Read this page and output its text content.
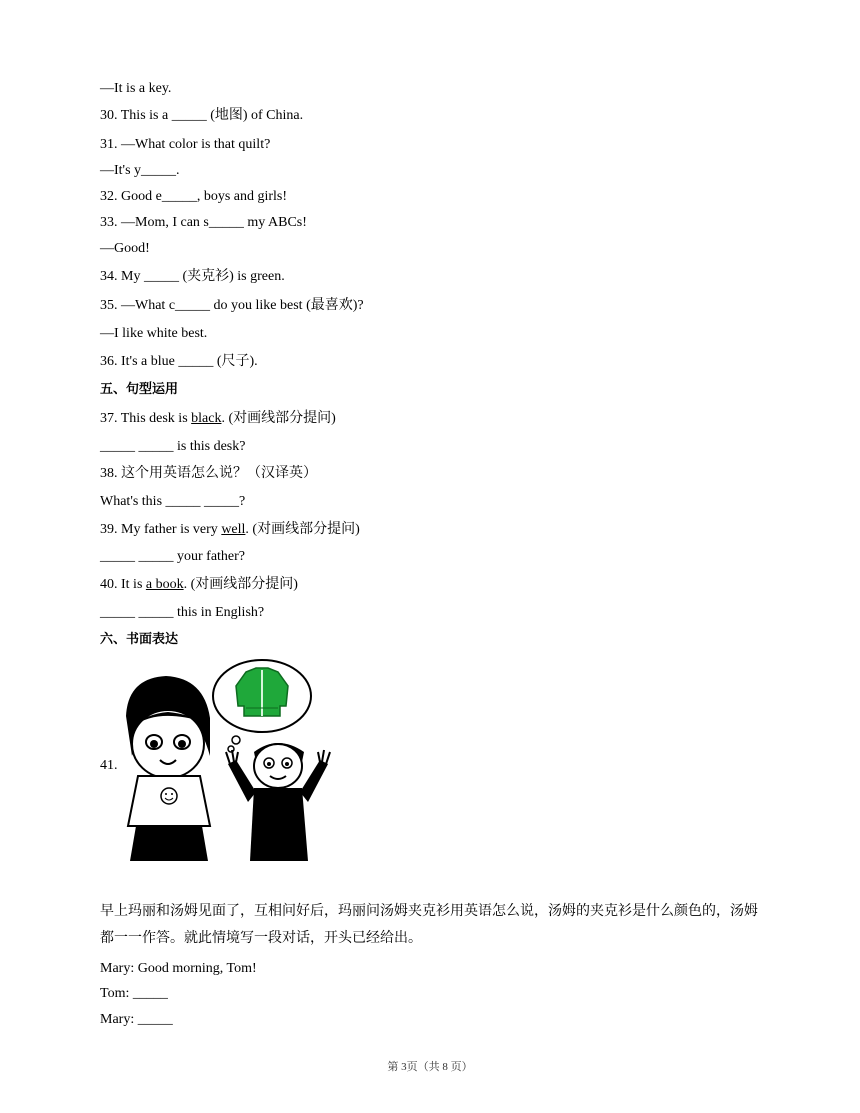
—It is a key.
30. This is a _____ (地图) of China.
31. —What color is that quilt?
—It's y_____.
32. Good e_____, boys and girls!
33. —Mom, I can s_____ my ABCs!
—Good!
34. My _____ (夹克衫) is green.
35. —What c_____ do you like best (最喜欢)?
—I like white best.
36. It's a blue _____ (尺子).
五、句型运用
37. This desk is black. (对画线部分提问)
_____ _____ is this desk?
38. 这个用英语怎么说？（汉译英）
What's this _____ _____?
39. My father is very well. (对画线部分提问)
_____ _____ your father?
40. It is a book. (对画线部分提问)
_____ _____ this in English?
六、书面表达
41.
早上玛丽和汤姆见面了，互相问好后，玛丽问汤姆夹克衫用英语怎么说，汤姆的夹克衫是什么颜色的，汤姆都一一作答。就此情境写一段对话，开头已经给出。
Mary: Good morning, Tom!
Tom: _____
Mary: _____
第 3页（共 8 页）
